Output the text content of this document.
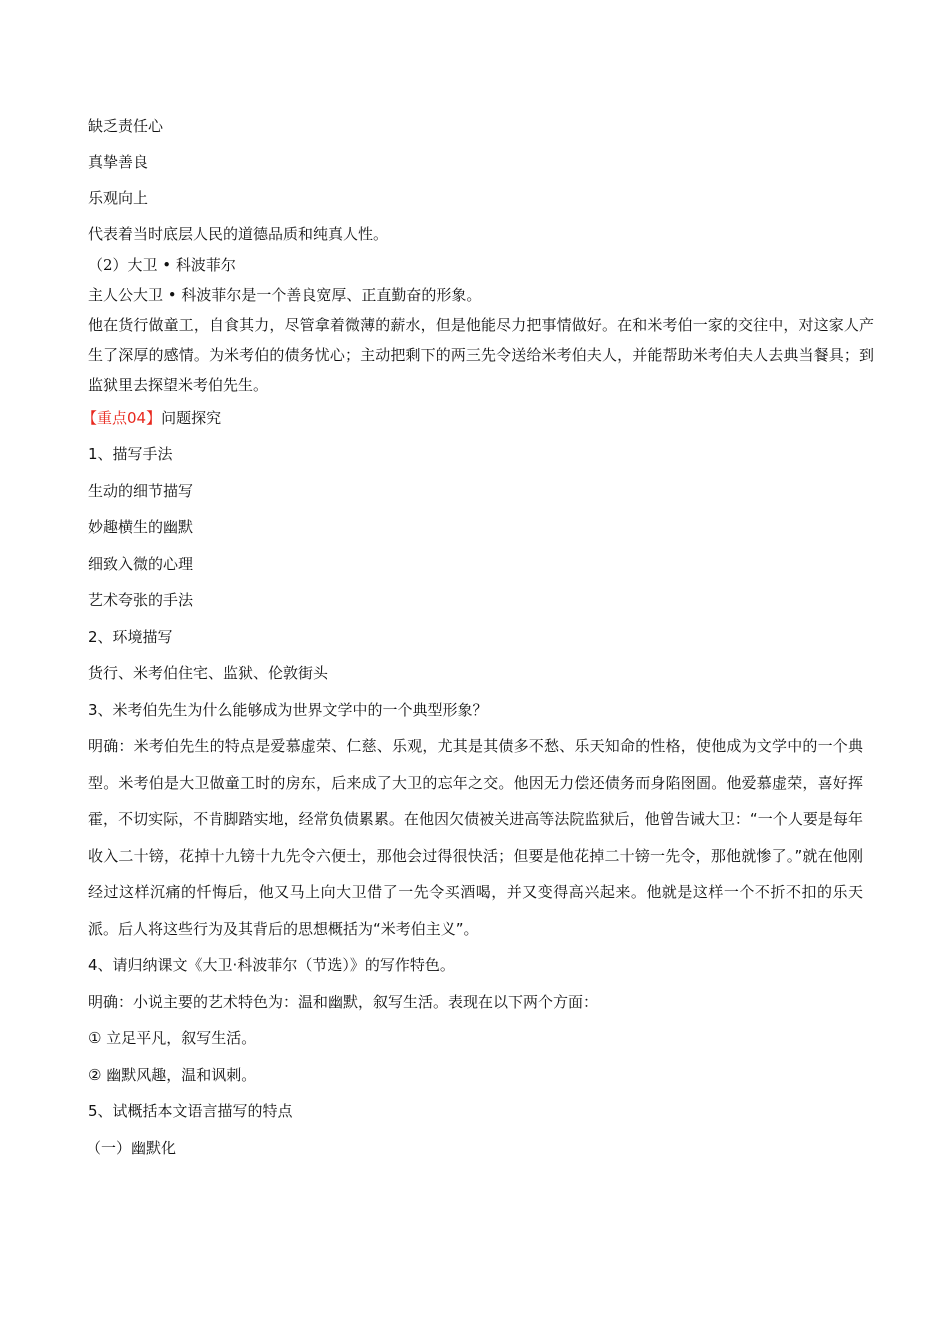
缺乏责任心
真挚善良
乐观向上
代表着当时底层人民的道德品质和纯真人性。
（2）大卫 • 科波菲尔
主人公大卫 • 科波菲尔是一个善良宽厚、正直勤奋的形象。

他在货行做童工，自食其力，尽管拿着微薄的薪水，但是他能尽力把事情做好。在和米考伯一家的交往中，对这家人产生了深厚的感情。为米考伯的债务忧心；主动把剩下的两三先令送给米考伯夫人，并能帮助米考伯夫人去典当餐具；到监狱里去探望米考伯先生。

【重点04】问题探究
1、描写手法
生动的细节描写
妙趣横生的幽默
细致入微的心理
艺术夸张的手法
2、环境描写
货行、米考伯住宅、监狱、伦敦街头
3、米考伯先生为什么能够成为世界文学中的一个典型形象？

明确：米考伯先生的特点是爱慕虚荣、仁慈、乐观，尤其是其债多不愁、乐天知命的性格，使他成为文学中的一个典型。米考伯是大卫做童工时的房东，后来成了大卫的忘年之交。他因无力偿还债务而身陷囹圄。他爱慕虚荣，喜好挥霍，不切实际，不肯脚踏实地，经常负债累累。在他因欠债被关进高等法院监狱后，他曾告诫大卫：“一个人要是每年收入二十镑，花掉十九镑十九先令六便士，那他会过得很快活；但要是他花掉二十镑一先令，那他就惨了。”就在他刚经过这样沉痛的忏悔后，他又马上向大卫借了一先令买酒喝，并又变得高兴起来。他就是这样一个不折不扣的乐天派。后人将这些行为及其背后的思想概括为“米考伯主义”。

4、请归纳课文《大卫·科波菲尔（节选）》的写作特色。
明确：小说主要的艺术特色为：温和幽默，叙写生活。表现在以下两个方面：
① 立足平凡，叙写生活。
② 幽默风趣，温和讽刺。
5、试概括本文语言描写的特点
（一）幽默化
